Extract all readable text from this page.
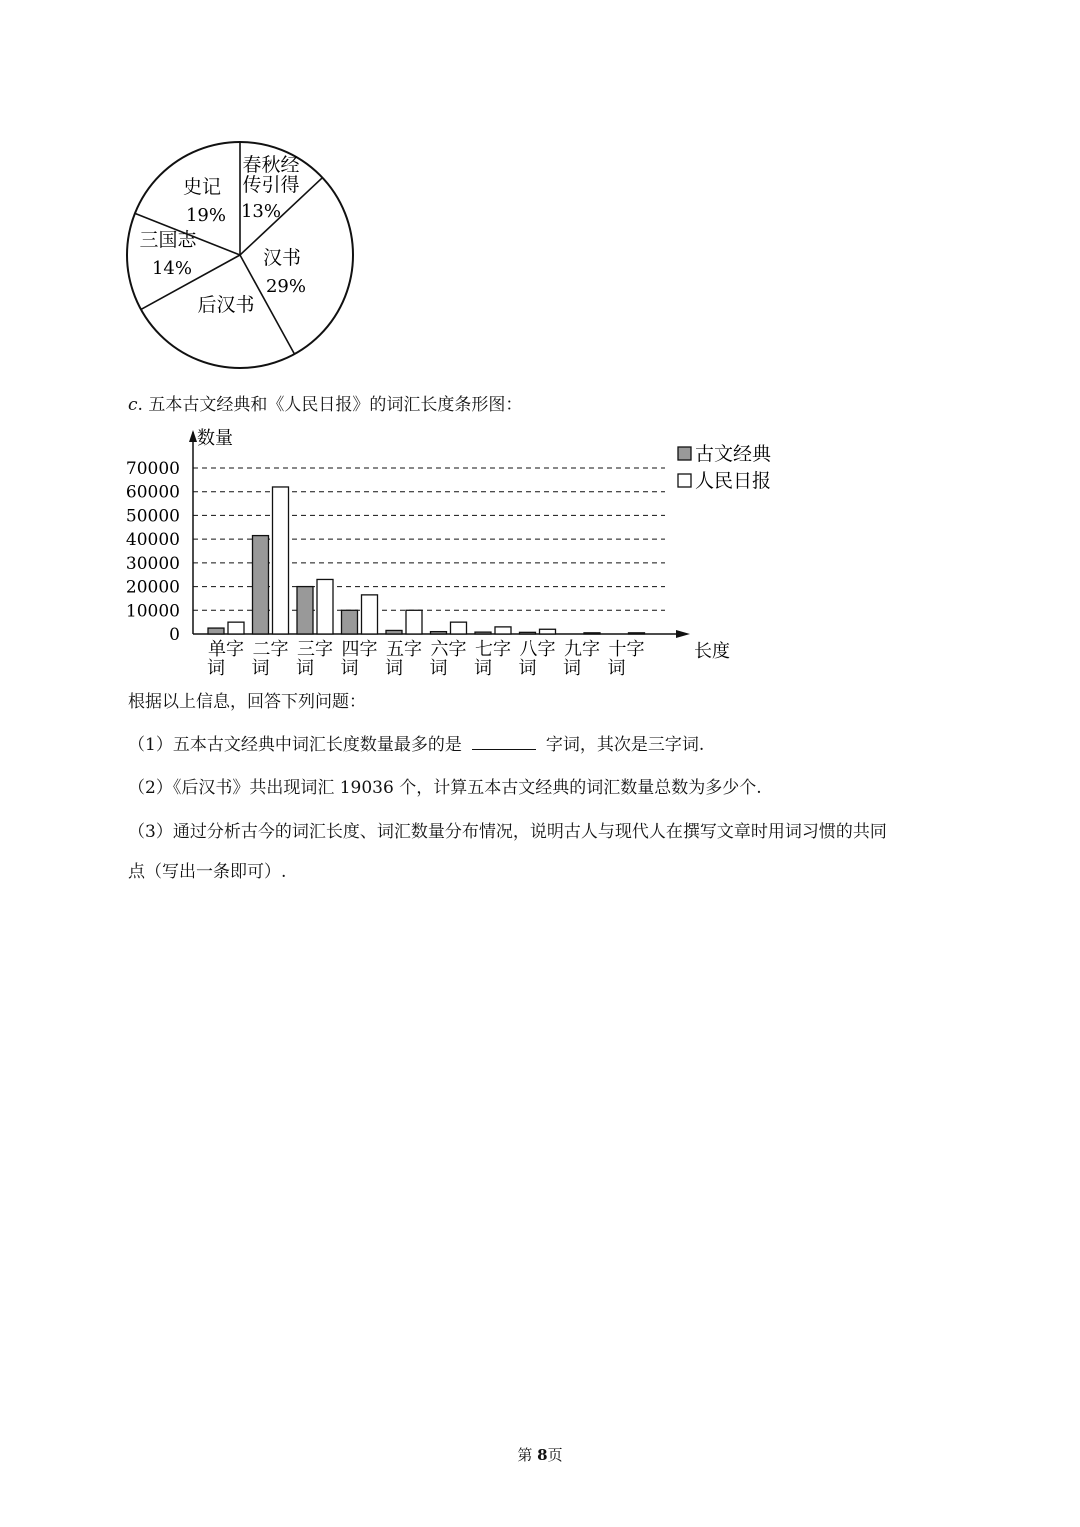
春秋经
传引得
13%
汉书
29%
后汉书
三国志
14%
史记
19%
c. 五本古文经典和《人民日报》的词汇长度条形图：
数量
长度
0
10000
20000
30000
40000
50000
60000
70000
单字
词
二字
词
三字
词
四字
词
五字
词
六字
词
七字
词
八字
词
九字
词
十字
词
古文经典
人民日报
根据以上信息，回答下列问题：
（1）五本古文经典中词汇长度数量最多的是	字词，其次是三字词.
（2）《后汉书》共出现词汇 19036 个，计算五本古文经典的词汇数量总数为多少个.
（3）通过分析古今的词汇长度、词汇数量分布情况，说明古人与现代人在撰写文章时用词习惯的共同
点（写出一条即可）.
第 8页
